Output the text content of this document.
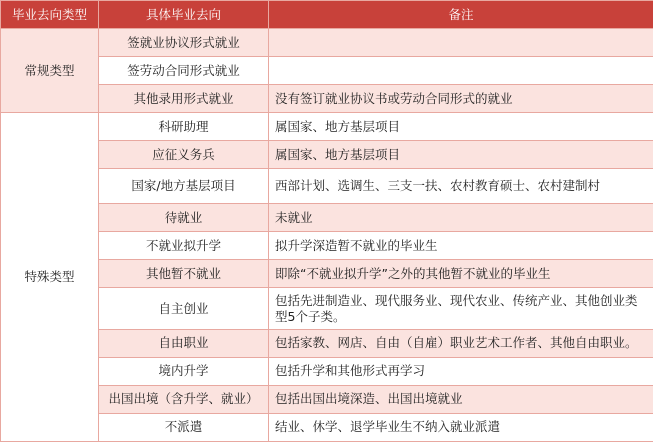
毕业去向类型	具体毕业去向	备注
常规类型	签就业协议形式就业	
	签劳动合同形式就业	
	其他录用形式就业	没有签订就业协议书或劳动合同形式的就业
特殊类型	科研助理	属国家、地方基层项目
	应征义务兵	属国家、地方基层项目
	国家/地方基层项目	西部计划、选调生、三支一扶、农村教育硕士、农村建制村
	待就业	未就业
	不就业拟升学	拟升学深造暂不就业的毕业生
	其他暂不就业	即除“不就业拟升学”之外的其他暂不就业的毕业生
	自主创业	包括先进制造业、现代服务业、现代农业、传统产业、其他创业类型5个子类。
	自由职业	包括家教、网店、自由（自雇）职业艺术工作者、其他自由职业。
	境内升学	包括升学和其他形式再学习
	出国出境（含升学、就业）	包括出国出境深造、出国出境就业
	不派遣	结业、休学、退学毕业生不纳入就业派遣
